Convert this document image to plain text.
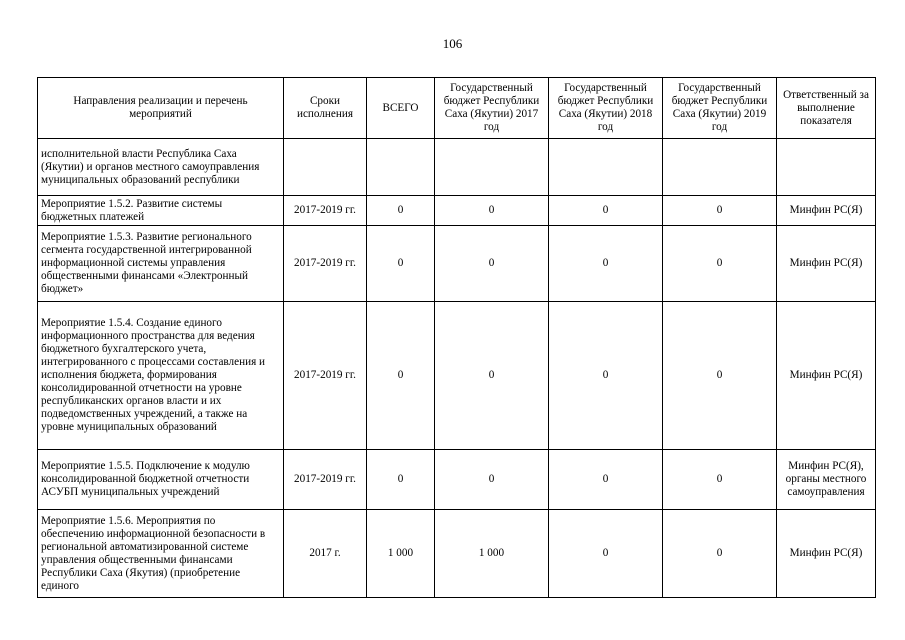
106
Направления реализации и перечень мероприятий	Сроки исполнения	ВСЕГО	Государственный бюджет Республики Саха (Якутии) 2017 год	Государственный бюджет Республики Саха (Якутии) 2018 год	Государственный бюджет Республики Саха (Якутии) 2019 год	Ответственный за выполнение показателя
исполнительной власти Республика Саха (Якутии) и органов местного самоуправления муниципальных образований республики						
Мероприятие 1.5.2. Развитие системы бюджетных платежей	2017-2019 гг.	0	0	0	0	Минфин РС(Я)
Мероприятие 1.5.3. Развитие регионального сегмента государственной интегрированной информационной системы управления общественными финансами «Электронный бюджет»	2017-2019 гг.	0	0	0	0	Минфин РС(Я)
Мероприятие 1.5.4. Создание единого информационного пространства для ведения бюджетного бухгалтерского учета, интегрированного с процессами составления и исполнения бюджета, формирования консолидированной отчетности на уровне республиканских органов власти и их подведомственных учреждений, а также на уровне муниципальных образований	2017-2019 гг.	0	0	0	0	Минфин РС(Я)
Мероприятие 1.5.5. Подключение к модулю консолидированной бюджетной отчетности АСУБП муниципальных учреждений	2017-2019 гг.	0	0	0	0	Минфин РС(Я), органы местного самоуправления
Мероприятие 1.5.6. Мероприятия по обеспечению информационной безопасности в региональной автоматизированной системе управления общественными финансами Республики Саха (Якутия) (приобретение единого	2017 г.	1 000	1 000	0	0	Минфин РС(Я)
